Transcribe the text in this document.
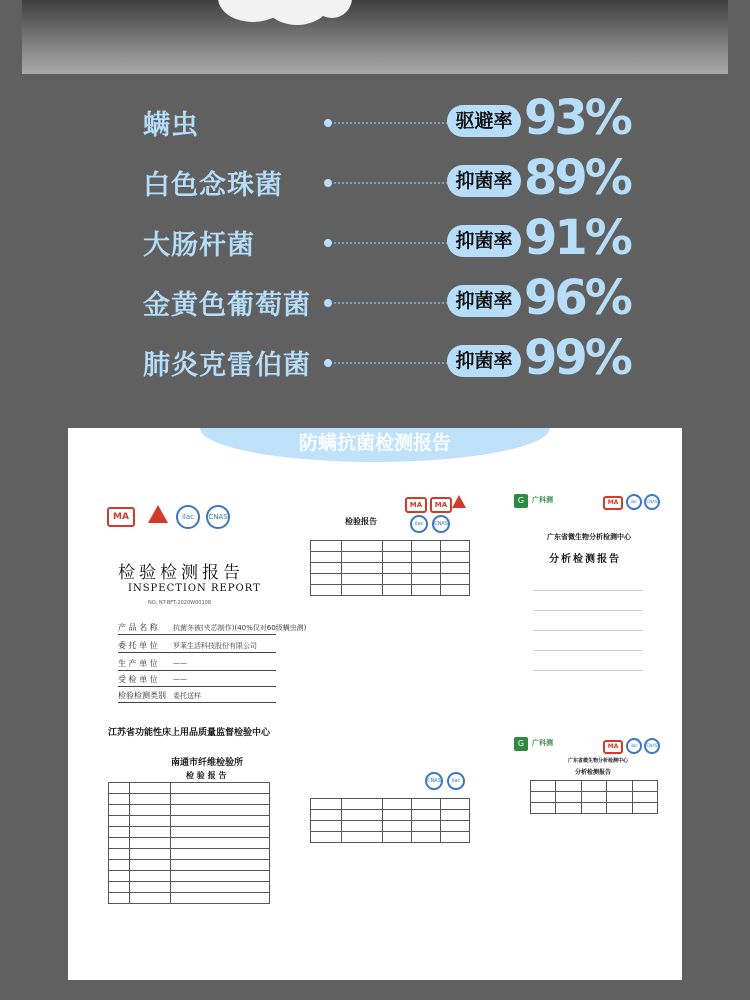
螨虫	驱避率 93%
白色念珠菌	抑菌率 89%
大肠杆菌	抑菌率 91%
金黄色葡萄菌	抑菌率 96%
肺炎克雷伯菌	抑菌率 99%
防螨抗菌检测报告
MA	ilac	CNAS
检验检测报告
INSPECTION REPORT
NO: NT-BFT-2020W00108
产 品 名 称 抗菌冬被(夹芯制作)(40%仅对60级螨虫测)
委 托 单 位 罗莱生活科技股份有限公司
生 产 单 位 ——
受 检 单 位 ——
检验检测类别 委托送样
江苏省功能性床上用品质量监督检验中心
南通市纤维检验所
检 验 报 告

MA	MA
ilac	CNAS
检验报告

CNAS	ilac

G	广科测	MA	ilac	CNAS
广东省微生物分析检测中心
分析检测报告
G	广科测	MA	ilac	CNAS
广东省微生物分析检测中心
分析检测报告
